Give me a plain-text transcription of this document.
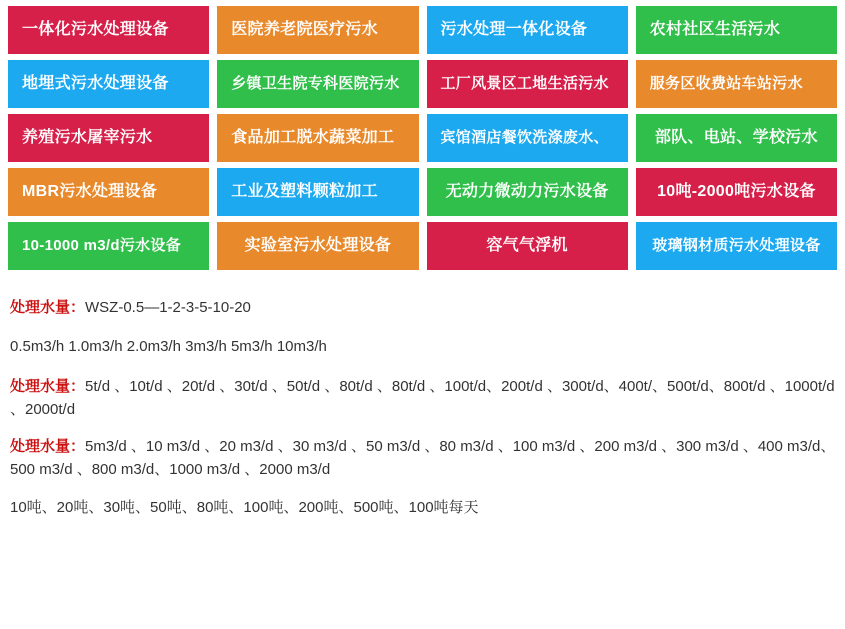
一体化污水处理设备	医院养老院医疗污水	污水处理一体化设备	农村社区生活污水
地埋式污水处理设备	乡镇卫生院专科医院污水	工厂风景区工地生活污水	服务区收费站车站污水
养殖污水屠宰污水	食品加工脱水蔬菜加工	宾馆酒店餐饮洗涤废水、	部队、电站、学校污水
MBR污水处理设备	工业及塑料颗粒加工	无动力微动力污水设备	10吨-2000吨污水设备
10-1000 m3/d污水设备	实验室污水处理设备	容气气浮机	玻璃钢材质污水处理设备
处理水量：WSZ-0.5—1-2-3-5-10-20
0.5m3/h 1.0m3/h 2.0m3/h 3m3/h 5m3/h 10m3/h
处理水量：5t/d 、10t/d 、20t/d 、30t/d 、50t/d 、80t/d 、80t/d 、100t/d、200t/d 、300t/d、400t/、500t/d、800t/d 、1000t/d 、2000t/d
处理水量：5m3/d 、10 m3/d 、20 m3/d 、30 m3/d 、50 m3/d 、80 m3/d 、100 m3/d 、200 m3/d 、300 m3/d 、400 m3/d、500 m3/d 、800 m3/d、1000 m3/d 、2000 m3/d
10吨、20吨、30吨、50吨、80吨、100吨、200吨、500吨、100吨每天
